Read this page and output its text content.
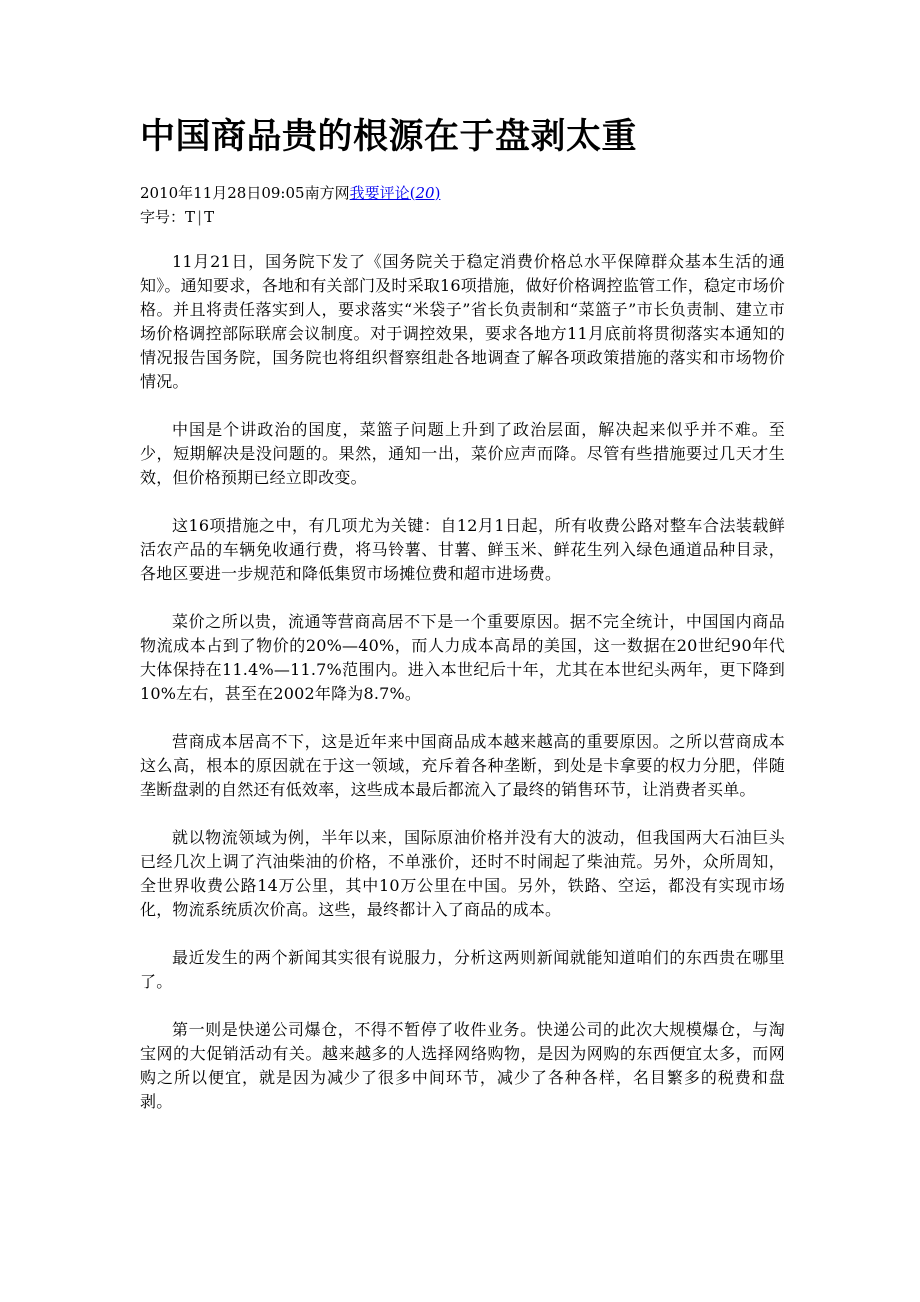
中国商品贵的根源在于盘剥太重
2010年11月28日09:05南方网我要评论(20)
字号：T | T

11月21日，国务院下发了《国务院关于稳定消费价格总水平保障群众基本生活的通知》。通知要求，各地和有关部门及时采取16项措施，做好价格调控监管工作，稳定市场价格。并且将责任落实到人，要求落实“米袋子”省长负责制和“菜篮子”市长负责制、建立市场价格调控部际联席会议制度。对于调控效果，要求各地方11月底前将贯彻落实本通知的情况报告国务院，国务院也将组织督察组赴各地调查了解各项政策措施的落实和市场物价情况。

中国是个讲政治的国度，菜篮子问题上升到了政治层面，解决起来似乎并不难。至少，短期解决是没问题的。果然，通知一出，菜价应声而降。尽管有些措施要过几天才生效，但价格预期已经立即改变。

这16项措施之中，有几项尤为关键：自12月1日起，所有收费公路对整车合法装载鲜活农产品的车辆免收通行费，将马铃薯、甘薯、鲜玉米、鲜花生列入绿色通道品种目录，各地区要进一步规范和降低集贸市场摊位费和超市进场费。

菜价之所以贵，流通等营商高居不下是一个重要原因。据不完全统计，中国国内商品物流成本占到了物价的20%—40%，而人力成本高昂的美国，这一数据在20世纪90年代大体保持在11.4%—11.7%范围内。进入本世纪后十年，尤其在本世纪头两年，更下降到10%左右，甚至在2002年降为8.7%。

营商成本居高不下，这是近年来中国商品成本越来越高的重要原因。之所以营商成本这么高，根本的原因就在于这一领域，充斥着各种垄断，到处是卡拿要的权力分肥，伴随垄断盘剥的自然还有低效率，这些成本最后都流入了最终的销售环节，让消费者买单。

就以物流领域为例，半年以来，国际原油价格并没有大的波动，但我国两大石油巨头已经几次上调了汽油柴油的价格，不单涨价，还时不时闹起了柴油荒。另外，众所周知，全世界收费公路14万公里，其中10万公里在中国。另外，铁路、空运，都没有实现市场化，物流系统质次价高。这些，最终都计入了商品的成本。

最近发生的两个新闻其实很有说服力，分析这两则新闻就能知道咱们的东西贵在哪里了。

第一则是快递公司爆仓，不得不暂停了收件业务。快递公司的此次大规模爆仓，与淘宝网的大促销活动有关。越来越多的人选择网络购物，是因为网购的东西便宜太多，而网购之所以便宜，就是因为减少了很多中间环节，减少了各种各样，名目繁多的税费和盘剥。
